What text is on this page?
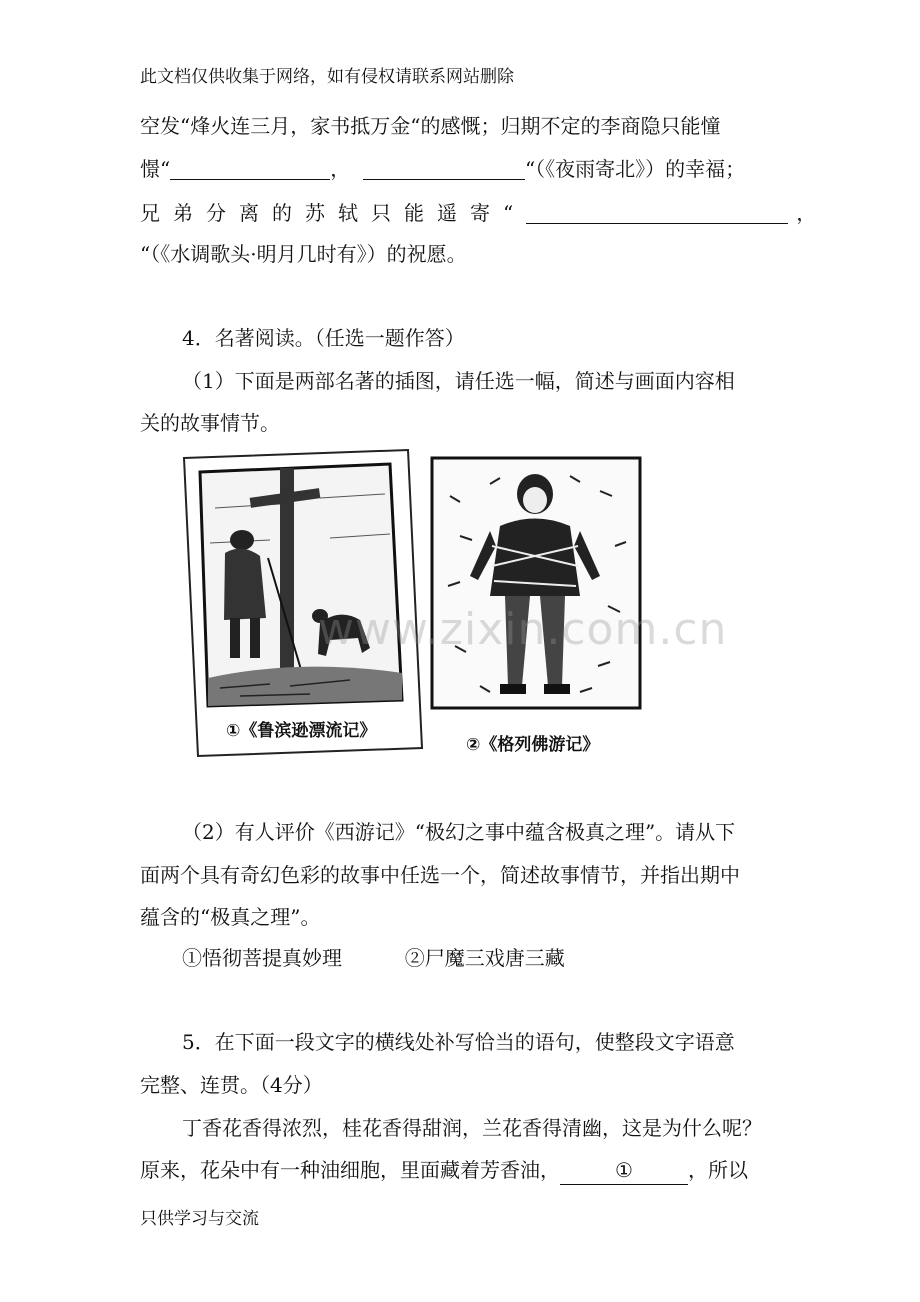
此文档仅供收集于网络，如有侵权请联系网站删除
空发“烽火连三月，家书抵万金“的感慨；归期不定的李商隐只能憧
憬“	，	“（《夜雨寄北》）的幸福；
兄弟分离的苏轼只能遥寄“	，
“（《水调歌头·明月几时有》）的祝愿。
4．名著阅读。（任选一题作答）
（1）下面是两部名著的插图，请任选一幅，简述与画面内容相
关的故事情节。
①《鲁滨逊漂流记》
②《格列佛游记》
www.zixin.com.cn
（2）有人评价《西游记》“极幻之事中蕴含极真之理”。请从下
面两个具有奇幻色彩的故事中任选一个，简述故事情节，并指出期中
蕴含的“极真之理”。
①悟彻菩提真妙理	②尸魔三戏唐三藏
5．在下面一段文字的横线处补写恰当的语句，使整段文字语意
完整、连贯。（4分）
丁香花香得浓烈，桂花香得甜润，兰花香得清幽，这是为什么呢？
原来，花朵中有一种油细胞，里面藏着芳香油，	①	，所以
只供学习与交流
